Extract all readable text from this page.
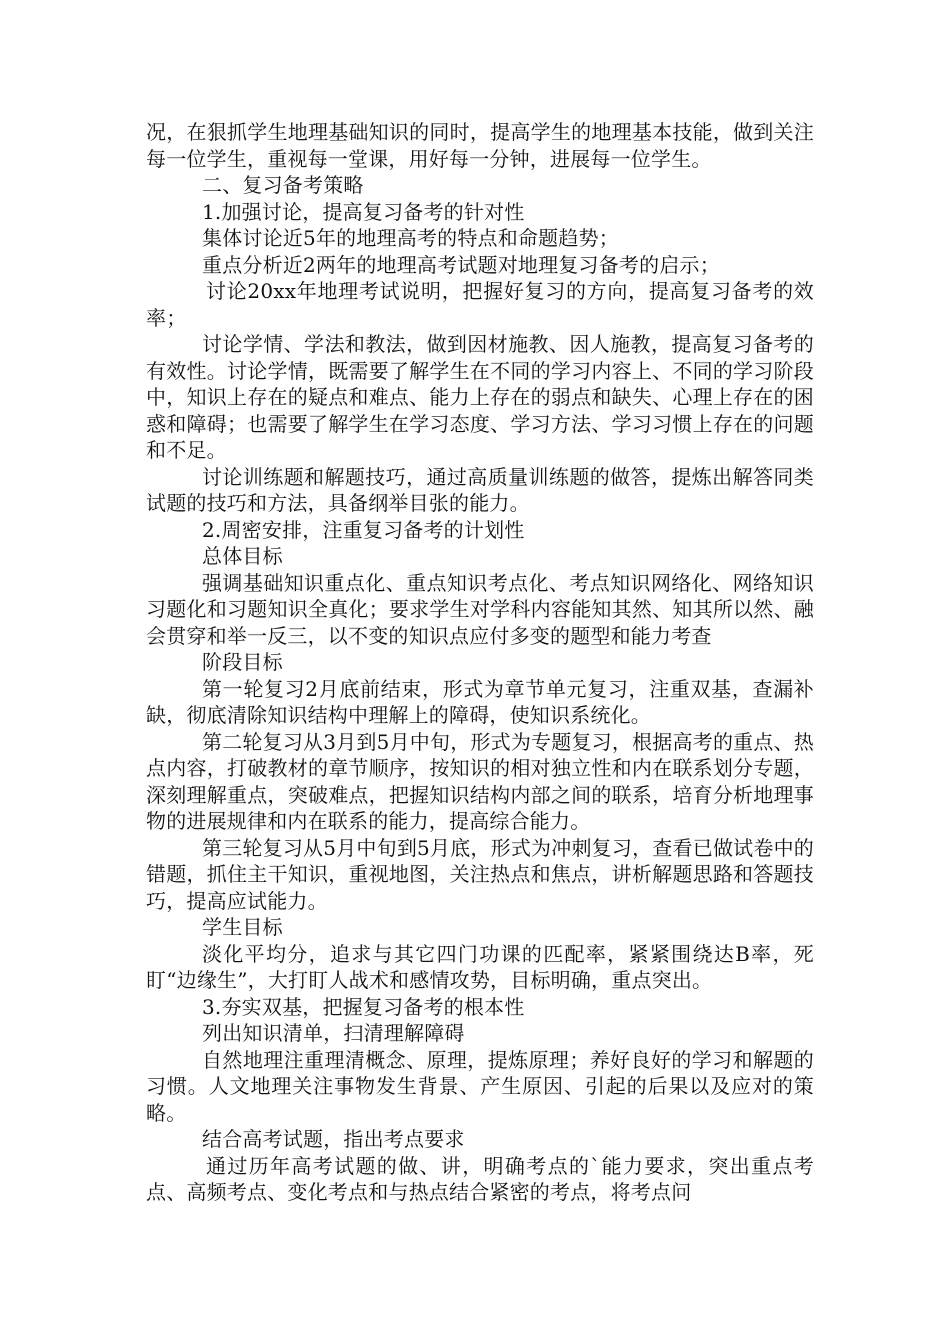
况，在狠抓学生地理基础知识的同时，提高学生的地理基本技能，做到关注每一位学生，重视每一堂课，用好每一分钟，进展每一位学生。

二、复习备考策略

1.加强讨论，提高复习备考的针对性

集体讨论近5年的地理高考的特点和命题趋势；

重点分析近2两年的地理高考试题对地理复习备考的启示；

讨论20xx年地理考试说明，把握好复习的方向，提高复习备考的效率；

讨论学情、学法和教法，做到因材施教、因人施教，提高复习备考的有效性。讨论学情，既需要了解学生在不同的学习内容上、不同的学习阶段中，知识上存在的疑点和难点、能力上存在的弱点和缺失、心理上存在的困惑和障碍；也需要了解学生在学习态度、学习方法、学习习惯上存在的问题和不足。

讨论训练题和解题技巧，通过高质量训练题的做答，提炼出解答同类试题的技巧和方法，具备纲举目张的能力。

2.周密安排，注重复习备考的计划性

总体目标

强调基础知识重点化、重点知识考点化、考点知识网络化、网络知识习题化和习题知识全真化；要求学生对学科内容能知其然、知其所以然、融会贯穿和举一反三，以不变的知识点应付多变的题型和能力考查

阶段目标

第一轮复习2月底前结束，形式为章节单元复习，注重双基，查漏补缺，彻底清除知识结构中理解上的障碍，使知识系统化。

第二轮复习从3月到5月中旬，形式为专题复习，根据高考的重点、热点内容，打破教材的章节顺序，按知识的相对独立性和内在联系划分专题，深刻理解重点，突破难点，把握知识结构内部之间的联系，培育分析地理事物的进展规律和内在联系的能力，提高综合能力。

第三轮复习从5月中旬到5月底，形式为冲刺复习，查看已做试卷中的错题，抓住主干知识，重视地图，关注热点和焦点，讲析解题思路和答题技巧，提高应试能力。

学生目标

淡化平均分，追求与其它四门功课的匹配率，紧紧围绕达B率，死盯“边缘生”，大打盯人战术和感情攻势，目标明确，重点突出。

3.夯实双基，把握复习备考的根本性

列出知识清单，扫清理解障碍

自然地理注重理清概念、原理，提炼原理；养好良好的学习和解题的习惯。人文地理关注事物发生背景、产生原因、引起的后果以及应对的策略。

结合高考试题，指出考点要求

通过历年高考试题的做、讲，明确考点的`能力要求，突出重点考点、高频考点、变化考点和与热点结合紧密的考点，将考点问
